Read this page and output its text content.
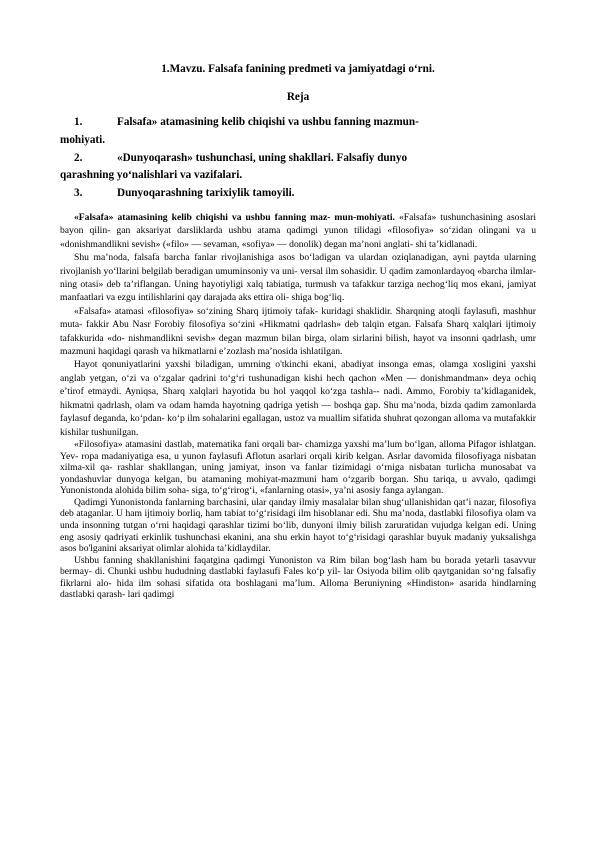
1.Mavzu. Falsafa fanining predmeti va jamiyatdagi o‘rni.

Reja

1.	Falsafa» atamasining kelib chiqishi va ushbu fanning mazmun-
mohiyati.
2.	«Dunyoqarash» tushunchasi, uning shakllari. Falsafiy dunyo
qarashning yo‘nalishlari va vazifalari.
3.	Dunyoqarashning tarixiylik tamoyili.

«Falsafa» atamasining kelib chiqishi va ushbu fanning maz- mun-mohiyati. «Falsafa» tushunchasining asoslari bayon qilin- gan aksariyat darsliklarda ushbu atama qadimgi yunon tilidagi «filosofiya» so‘zidan olingani va u «donishmandlikni sevish» («filo» — sevaman, «sofiya» — donolik) degan ma’noni anglati- shi ta’kidlanadi.

Shu ma’noda, falsafa barcha fanlar rivojlanishiga asos bo‘ladigan va ulardan oziqlanadigan, ayni paytda ularning rivojlanish yo‘llarini belgilab beradigan umuminsoniy va uni- versal ilm sohasidir. U qadim zamonlardayoq «barcha ilmlar- ning otasi» deb ta’riflangan. Uning hayotiyligi xalq tabiatiga, turmush va tafakkur tarziga nechog‘liq mos ekani, jamiyat manfaatlari va ezgu intilishlarini qay darajada aks ettira oli- shiga bog‘liq.

«Falsafa» atamasi «filosofiya» so‘zining Sharq ijtimoiy tafak- kuridagi shaklidir. Sharqning atoqli faylasufi, mashhur muta- fakkir Abu Nasr Forobiy filosofiya so‘zini «Hikmatni qadrlash» deb talqin etgan. Falsafa Sharq xalqlari ijtimoiy tafakkurida «do- nishmandlikni sevish» degan mazmun bilan birga, olam sirlarini bilish, hayot va insonni qadrlash, umr mazmuni haqidagi qarash va hikmatlarni e’zozlash ma’nosida ishlatilgan.

Hayot qonuniyatlarini yaxshi biladigan, umrning o'tkinchi ekani, abadiyat insonga emas, olamga xosligini yaxshi anglab yetgan, o‘zi va o‘zgalar qadrini to‘g‘ri tushunadigan kishi hech qachon «Men — donishmandman» deya ochiq e’tirof etmaydi. Ayniqsa, Sharq xalqlari hayotida bu hol yaqqol ko‘zga tashla-- nadi. Ammo, Forobiy ta’kidlaganidek, hikmatni qadrlash, olam va odam hamda hayotning qadriga yetish — boshqa gap. Shu ma’noda, bizda qadim zamonlarda faylasuf deganda, ko‘pdan- ko‘p ilm sohalarini egallagan, ustoz va muallim sifatida shuhrat qozongan alloma va mutafakkir kishilar tushunilgan.

«Filosofiya» atamasini dastlab, matematika fani orqali bar- chamizga yaxshi ma’lum bo‘lgan, alloma Pifagor ishlatgan. Yev- ropa madaniyatiga esa, u yunon faylasufi Aflotun asarlari orqali kirib kelgan. Asrlar davomida filosofiyaga nisbatan xilma-xil qa- rashlar shakllangan, uning jamiyat, inson va fanlar tizimidagi o‘rniga nisbatan turlicha munosabat va yondashuvlar dunyoga kelgan, bu atamaning mohiyat-mazmuni ham o‘zgarib borgan. Shu tariqa, u avvalo, qadimgi Yunonistonda alohida bilim soha- siga, to‘g‘rirog‘i, «fanlarning otasi», ya’ni asosiy fanga aylangan.

Qadimgi Yunonistonda fanlarning barchasini, ular qanday ilmiy masalalar bilan shug‘ullanishidan qat’i nazar, filosofiya deb ataganlar. U ham ijtimoiy borliq, ham tabiat to‘g‘risidagi ilm hisoblanar edi. Shu ma’noda, dastlabki filosofiya olam va unda insonning tutgan o‘rni haqidagi qarashlar tizimi bo‘lib, dunyoni ilmiy bilish zaruratidan vujudga kelgan edi. Uning eng asosiy qadriyati erkinlik tushunchasi ekanini, ana shu erkin hayot to‘g‘risidagi qarashlar buyuk madaniy yuksalishga asos bo'lganini aksariyat olimlar alohida ta’kidlaydilar.

Ushbu fanning shakllanishini faqatgina qadimgi Yunoniston va Rim bilan bog‘lash ham bu borada yetarli tasavvur bermay- di. Chunki ushbu hududning dastlabki faylasufi Fales ko‘p yil- lar Osiyoda bilim olib qaytganidan so‘ng falsafiy fikrlarni alo- hida ilm sohasi sifatida ota boshlagani ma’lum. Alloma Beruniyning «Hindiston» asarida hindlarning dastlabki qarash- lari qadimgi
